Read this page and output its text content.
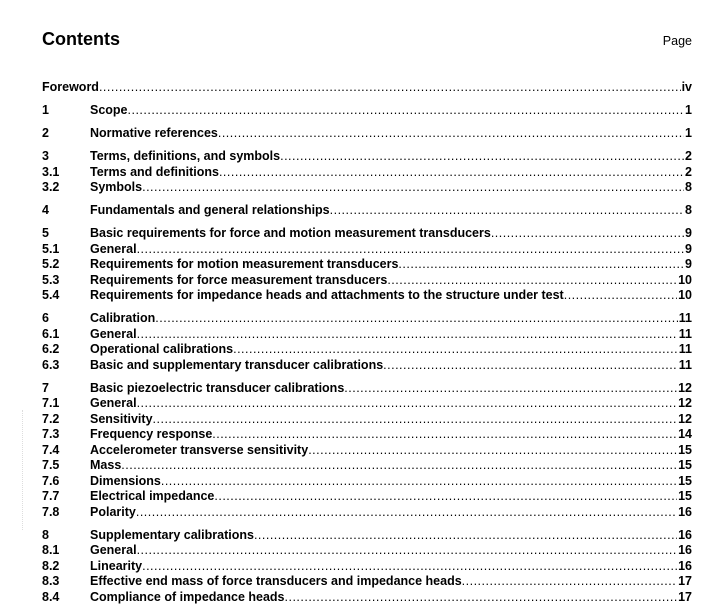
Contents	Page
Foreword .....	iv
1	Scope .....	1
2	Normative references .....	1
3	Terms, definitions, and symbols .....	2
3.1	Terms and definitions .....	2
3.2	Symbols .....	8
4	Fundamentals and general relationships .....	8
5	Basic requirements for force and motion measurement transducers .....	9
5.1	General .....	9
5.2	Requirements for motion measurement transducers .....	9
5.3	Requirements for force measurement transducers .....	10
5.4	Requirements for impedance heads and attachments to the structure under test .....	10
6	Calibration .....	11
6.1	General .....	11
6.2	Operational calibrations .....	11
6.3	Basic and supplementary transducer calibrations .....	11
7	Basic piezoelectric transducer calibrations .....	12
7.1	General .....	12
7.2	Sensitivity .....	12
7.3	Frequency response .....	14
7.4	Accelerometer transverse sensitivity .....	15
7.5	Mass .....	15
7.6	Dimensions .....	15
7.7	Electrical impedance .....	15
7.8	Polarity .....	16
8	Supplementary calibrations .....	16
8.1	General .....	16
8.2	Linearity .....	16
8.3	Effective end mass of force transducers and impedance heads .....	17
8.4	Compliance of impedance heads .....	17
